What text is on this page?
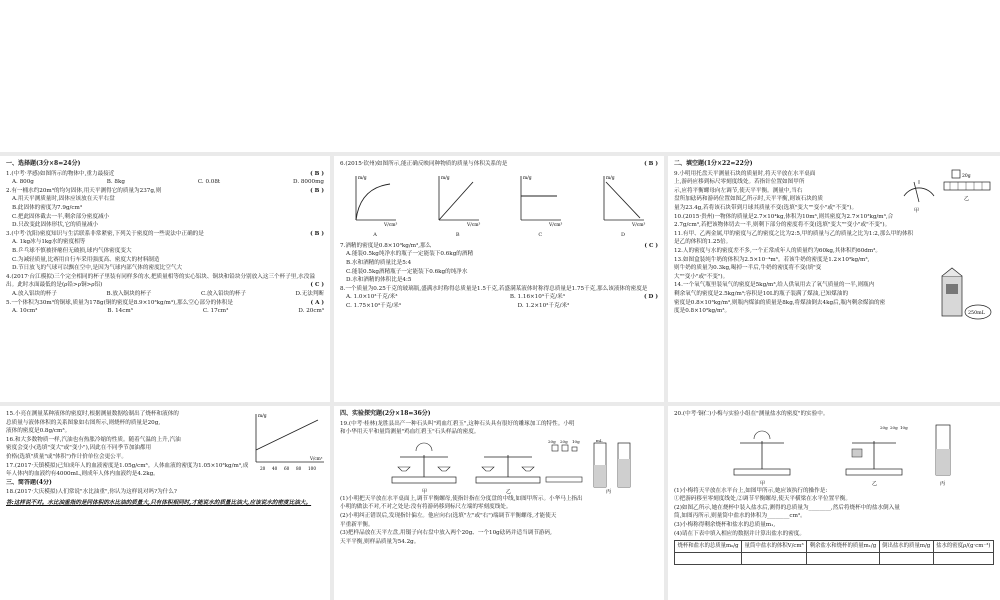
一、选择题(3分×8=24分)
1.(中考·孝感)如图所示的物体中,重力最接近	( B )
A. 800g	B. 8kg	C. 0.08t	D. 8000mg
2.有一桶水约20m³的均匀固体,用天平测得它的质量为237g,则	( B )
A.用天平测质量时,固体应该放在天平右盘
B.此固体的密度为7.9g/cm³
C.把此固体截去一半,剩余部分密度减小
D.只改变此固体形状,它的质量减小
3.(中考·沈阳)密度知识与生活联系非常紧密,下列关于密度的一些说法中正确的是	( B )
A. 1kg冰与1kg水的密度相等
B.乒乓球不慎被挤瘪但无破损,球内气体密度变大
C.为减轻质量,比赛用自行车采用强度高、密度大的材料制造
D.节日放飞的气球可以飘在空中,是因为气球内部气体的密度比空气大
4.(2017·台江模拟)三个完全相同的杯子里装有同样多的水,把质量相等的实心铝块、铜块和铅块分别放入这三个杯子里,水没溢出。此时水面最低的是(ρ铅>ρ铜>ρ铝)	( C )
A.放入铝块的杯子	B.放入铜块的杯子	C.放入铅块的杯子	D.无法判断
5.一个体积为30m³的铜球,质量为178g(铜的密度是8.9×10³kg/m³),那么空心部分的体积是	( A )
A. 10cm³	B. 14cm³	C. 17cm³	D. 20cm³
6.(2015·钦州)如图所示,能正确反映同种物质的质量与体积关系的是	( B )
m/g
V/cm³
A
m/g
V/cm³
B
m/g
V/cm³
C
m/g
V/cm³
D
7.酒精的密度是0.8×10³kg/m³,那么	( C )
A.能装0.5kg纯净水的瓶子一定能装下0.6kg的酒精
B.水和酒精的质量比是5:4
C.能装0.5kg酒精瓶子一定能装下0.6kg的纯净水
D.水和酒精的体积比是4:5
8.一个质量为0.25千克的玻璃瓶,盛满水时称得总质量是1.5千克,若盛满某液体时称得总质量是1.75千克,那么该液体的密度是
( D )
A. 1.0×10³千克/米³	B. 1.16×10³千克/米³
C. 1.75×10³千克/米³	D. 1.2×10³千克/米³
二、填空题(1分×22=22分)
9.小明用托盘天平测量石块的质量时,将天平放在水平桌面
上,游码应移到标尺零刻度线处。若指针位置如图甲所
示,应将平衡螺母向左调节,使天平平衡。测量中,当右
盘所加砝码和游码位置如图乙所示时,天平平衡,则该石块的质
量为23.4g,若将该石块带到月球其质量不变(选填"变大""变小"或"不变")。
10.(2015·贵州)一物体的质量是2.7×10⁴kg,体积为10m³,则其密度为2.7×10³kg/m³,合
2.7g/cm³,若把该物体切去一半,则剩下部分的密度将不变(选填"变大""变小"或"不变")。
11.有甲、乙两金属,甲的密度与乙的密度之比为2:5,甲的质量与乙的质量之比为1:2,那么甲的体积
是乙的体积的1.25倍。
12.人的密度与水的密度差不多,一个正常成年人的质量约为60kg,其体积约60dm³。
13.如图盒装纯牛奶的体积为2.5×10⁻⁴m³。若该牛奶的密度是1.2×10³kg/m³,
则牛奶的质量为0.3kg,喝掉一半后,牛奶的密度将不变(填"变
大""变小"或"不变")。
14.一个氧气瓶里装氧气的密度是5kg/m³,给人供氧用去了氧气质量的一半,则瓶内
剩余氧气的密度是2.5kg/m³;容积是10L的瓶子装满了煤油,已知煤油的
密度是0.8×10³kg/m³,则瓶内煤油的质量是8kg,将煤油倒去4kg后,瓶内剩余煤油的密
度是0.8×10³kg/m³。
20g
甲
乙
250mL
15.小亮在测量某种液体的密度时,根据测量数据绘制出了烧杯和液体的
总质量与液体体积的关系图象如右图所示,则烧杯的质量是20g,
液体的密度是0.8g/cm³。
16.和大多数物质一样,汽油也有热胀冷缩的性质。随着气温的上升,汽油
密度会变小(选填"变大"或"变小"),因此在不同季节加油都用
价格(选填"质量"或"体积")作计价单位会更公平。
17.(2017·天镇模拟)已知成年人的血液密度是1.05g/cm³。人体血液的密度为1.05×10³kg/m³,成
年人体内的血液约有4000mL,则成年人体内血液约是4.2kg。
三、简答题(4分)
18.(2017·大庆模拟)人们常说"水比油重",你认为这样说对吗?为什么?
答:这样说不对。水比油重指的是同体积的水比油的质量大,只有体积相同时,才能说水的质量比油大,应该说水的密度比油大。
m/g
V/cm³
20 40 60 80 100
四、实验探究题(2分×18=36分)
19.(中考·桂林)龙胜县出产一种石头叫"鸡血红碧玉",这种石头具有很好的雕琢加工的特性。小明
和小华用天平和量筒测量"鸡血红碧玉"石头样品的密度。
甲	乙
20g 20g 10g	mL
丙
(1)小明把天平放在水平桌面上,调节平衡螺母,使指针指在分度盘的中线,如图甲所示。小华马上指出
小明的做法不对,不对之处是:没有将游码移到标尺左端的零刻度线处。
(2)小明纠正错误后,发现指针偏左。他应向右(选填"左"或"右")端调节平衡螺母,才能使天
平重新平衡。
(3)把样品放在天平左盘,用镊子向右盘中放入两个20g、一个10g砝码并适当调节游码,
天平平衡,则样品质量为54.2g。
20.(中考·铜仁)小梅与实验小组在"测量盐水的密度"的实验中。
甲
20g 20g 10g
乙	丙
(1)小梅将天平放在水平台上,如图甲所示,她应该执行的操作是:
①把游码移至零刻度线处,②调节平衡螺母,使天平横梁在水平位置平衡。
(2)如图乙所示,她在烧杯中装入盐水后,测得的总质量为________,然后将烧杯中的盐水倒入量
筒,如图丙所示,则量筒中盐水的体积为________cm³。
(3)小梅称得剩余烧杯和盐水的总质量m₁,
(4)请在下表中填入相应的数据并计算出盐水的密度。
烧杯和盐水的总质量m₀/g	量筒中盐水的体积V/cm³	剩余盐水和烧杯的质量m₁/g	倒出盐水的质量m/g	盐水的密度ρ/(g·cm⁻³)
